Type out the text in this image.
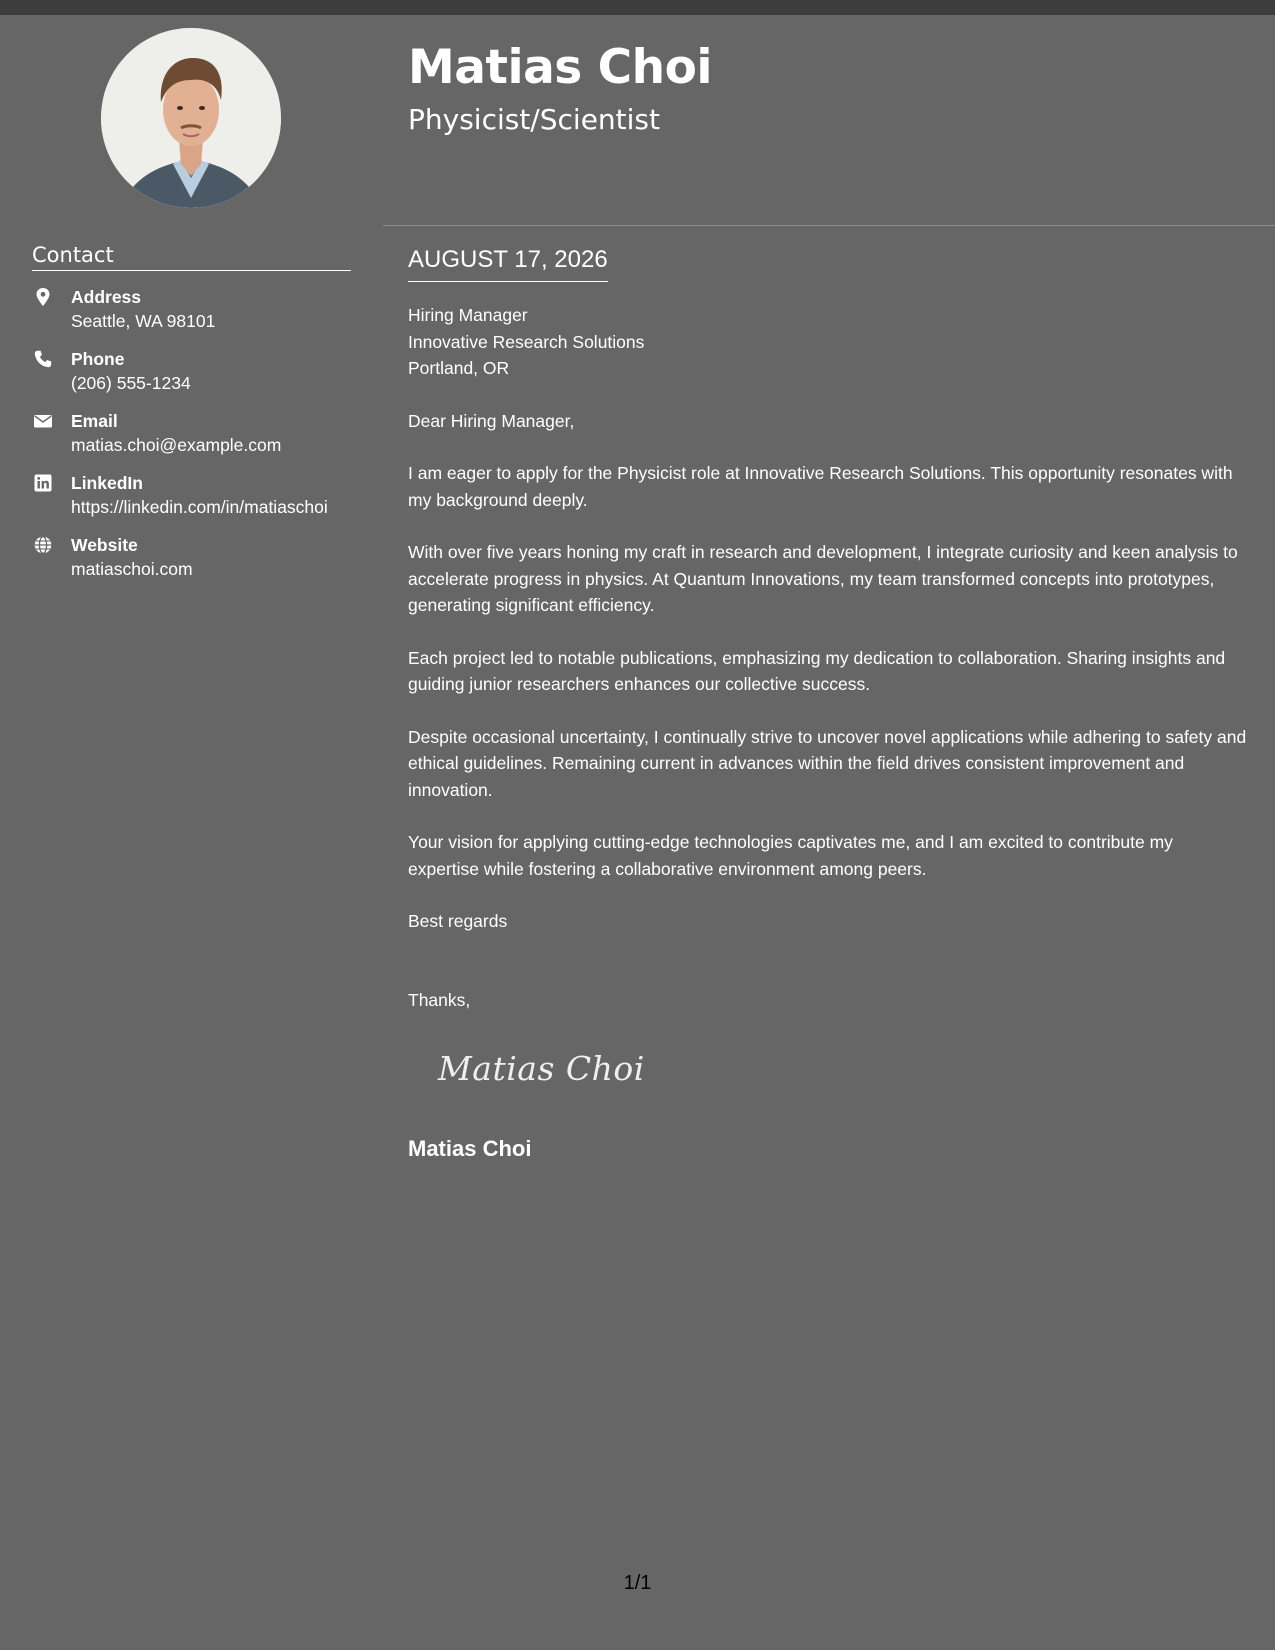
Contact
Address
Seattle, WA 98101
Phone
(206) 555-1234
Email
matias.choi@example.com
LinkedIn
https://linkedin.com/in/matiaschoi
Website
matiaschoi.com
Matias Choi
Physicist/Scientist
AUGUST 17, 2026

Hiring Manager
Innovative Research Solutions
Portland, OR

Dear Hiring Manager,

I am eager to apply for the Physicist role at Innovative Research Solutions. This opportunity resonates with my background deeply.

With over five years honing my craft in research and development, I integrate curiosity and keen analysis to accelerate progress in physics. At Quantum Innovations, my team transformed concepts into prototypes, generating significant efficiency.

Each project led to notable publications, emphasizing my dedication to collaboration. Sharing insights and guiding junior researchers enhances our collective success.

Despite occasional uncertainty, I continually strive to uncover novel applications while adhering to safety and ethical guidelines. Remaining current in advances within the field drives consistent improvement and innovation.

Your vision for applying cutting-edge technologies captivates me, and I am excited to contribute my expertise while fostering a collaborative environment among peers.

Best regards

Thanks,

Matias Choi
Matias Choi
1/1
